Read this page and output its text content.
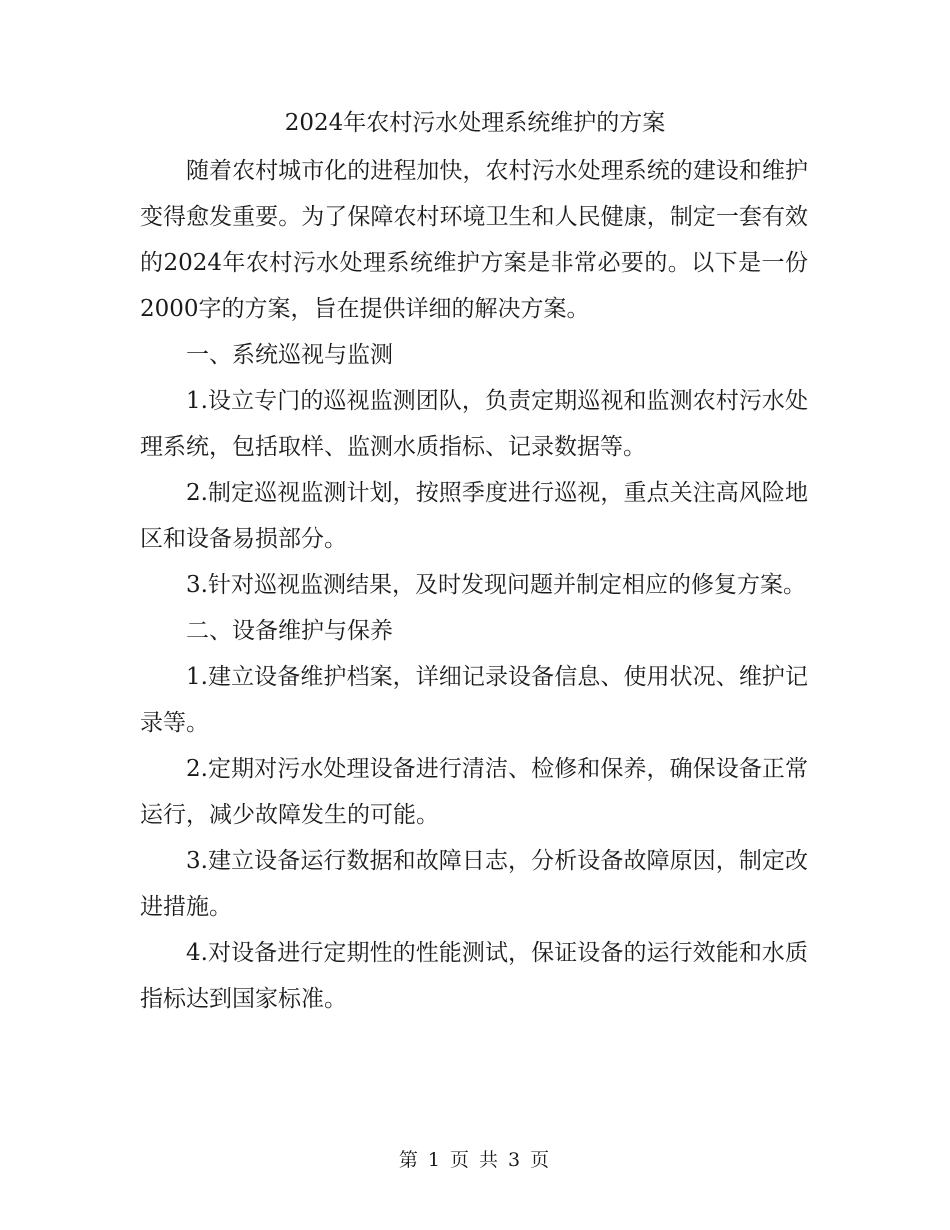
2024年农村污水处理系统维护的方案

随着农村城市化的进程加快，农村污水处理系统的建设和维护变得愈发重要。为了保障农村环境卫生和人民健康，制定一套有效的2024年农村污水处理系统维护方案是非常必要的。以下是一份2000字的方案，旨在提供详细的解决方案。

一、系统巡视与监测

1.设立专门的巡视监测团队，负责定期巡视和监测农村污水处理系统，包括取样、监测水质指标、记录数据等。

2.制定巡视监测计划，按照季度进行巡视，重点关注高风险地区和设备易损部分。

3.针对巡视监测结果，及时发现问题并制定相应的修复方案。

二、设备维护与保养

1.建立设备维护档案，详细记录设备信息、使用状况、维护记录等。

2.定期对污水处理设备进行清洁、检修和保养，确保设备正常运行，减少故障发生的可能。

3.建立设备运行数据和故障日志，分析设备故障原因，制定改进措施。

4.对设备进行定期性的性能测试，保证设备的运行效能和水质指标达到国家标准。

第 1 页 共 3 页
